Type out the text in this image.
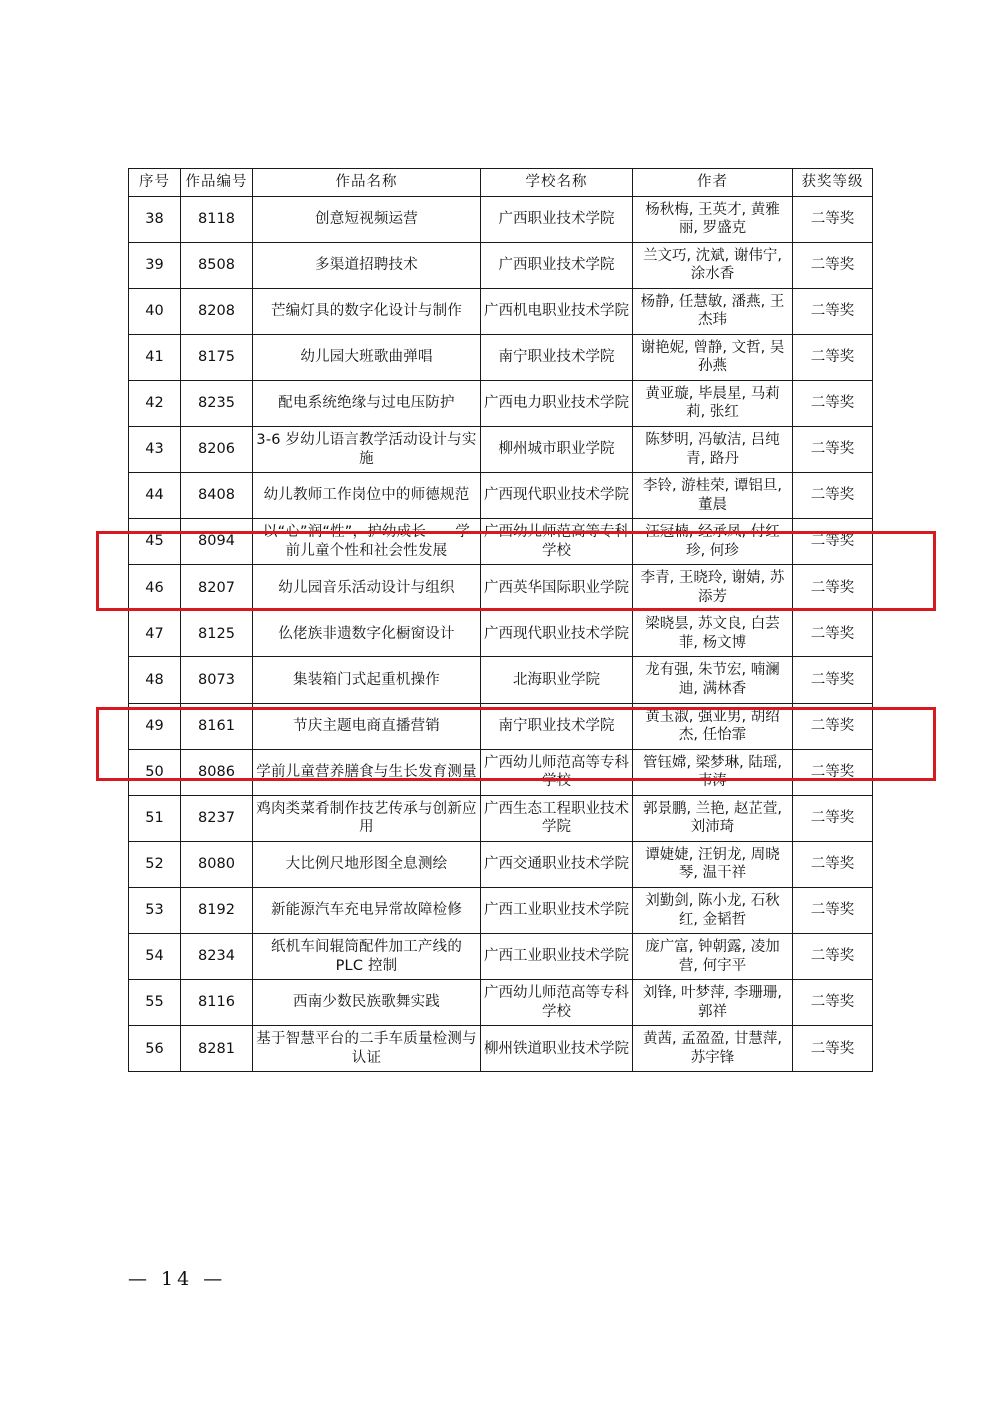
序号	作品编号	作品名称	学校名称	作者	获奖等级
38	8118	创意短视频运营	广西职业技术学院	杨秋梅, 王英才, 黄雅丽, 罗盛克	二等奖
39	8508	多渠道招聘技术	广西职业技术学院	兰文巧, 沈斌, 谢伟宁, 涂水香	二等奖
40	8208	芒编灯具的数字化设计与制作	广西机电职业技术学院	杨静, 任慧敏, 潘燕, 王杰玮	二等奖
41	8175	幼儿园大班歌曲弹唱	南宁职业技术学院	谢艳妮, 曾静, 文哲, 吴孙燕	二等奖
42	8235	配电系统绝缘与过电压防护	广西电力职业技术学院	黄亚璇, 毕晨星, 马莉莉, 张红	二等奖
43	8206	3-6 岁幼儿语言教学活动设计与实施	柳州城市职业学院	陈梦明, 冯敏洁, 吕纯青, 路丹	二等奖
44	8408	幼儿教师工作岗位中的师德规范	广西现代职业技术学院	李铃, 游桂荣, 谭铝旦, 董晨	二等奖
45	8094	以“心”润“性”，护幼成长——学前儿童个性和社会性发展	广西幼儿师范高等专科学校	汪冠楠, 经承凤, 付红珍, 何珍	二等奖
46	8207	幼儿园音乐活动设计与组织	广西英华国际职业学院	李青, 王晓玲, 谢婧, 苏添芳	二等奖
47	8125	仫佬族非遗数字化橱窗设计	广西现代职业技术学院	梁晓昙, 苏文良, 白芸菲, 杨文博	二等奖
48	8073	集装箱门式起重机操作	北海职业学院	龙有强, 朱节宏, 喃澜迪, 满林香	二等奖
49	8161	节庆主题电商直播营销	南宁职业技术学院	黄玉淑, 强亚男, 胡绍杰, 任怡霏	二等奖
50	8086	学前儿童营养膳食与生长发育测量	广西幼儿师范高等专科学校	管钰嫦, 梁梦琳, 陆瑶, 韦涛	二等奖
51	8237	鸡肉类菜肴制作技艺传承与创新应用	广西生态工程职业技术学院	郭景鹏, 兰艳, 赵芷萱, 刘沛琦	二等奖
52	8080	大比例尺地形图全息测绘	广西交通职业技术学院	谭婕婕, 汪钥龙, 周晓琴, 温干祥	二等奖
53	8192	新能源汽车充电异常故障检修	广西工业职业技术学院	刘勤剑, 陈小龙, 石秋红, 金韬哲	二等奖
54	8234	纸机车间辊筒配件加工产线的 PLC 控制	广西工业职业技术学院	庞广富, 钟朝露, 凌加营, 何宇平	二等奖
55	8116	西南少数民族歌舞实践	广西幼儿师范高等专科学校	刘锋, 叶梦萍, 李珊珊, 郭祥	二等奖
56	8281	基于智慧平台的二手车质量检测与认证	柳州铁道职业技术学院	黄茜, 孟盈盈, 甘慧萍, 苏宇锋	二等奖
— 14 —
